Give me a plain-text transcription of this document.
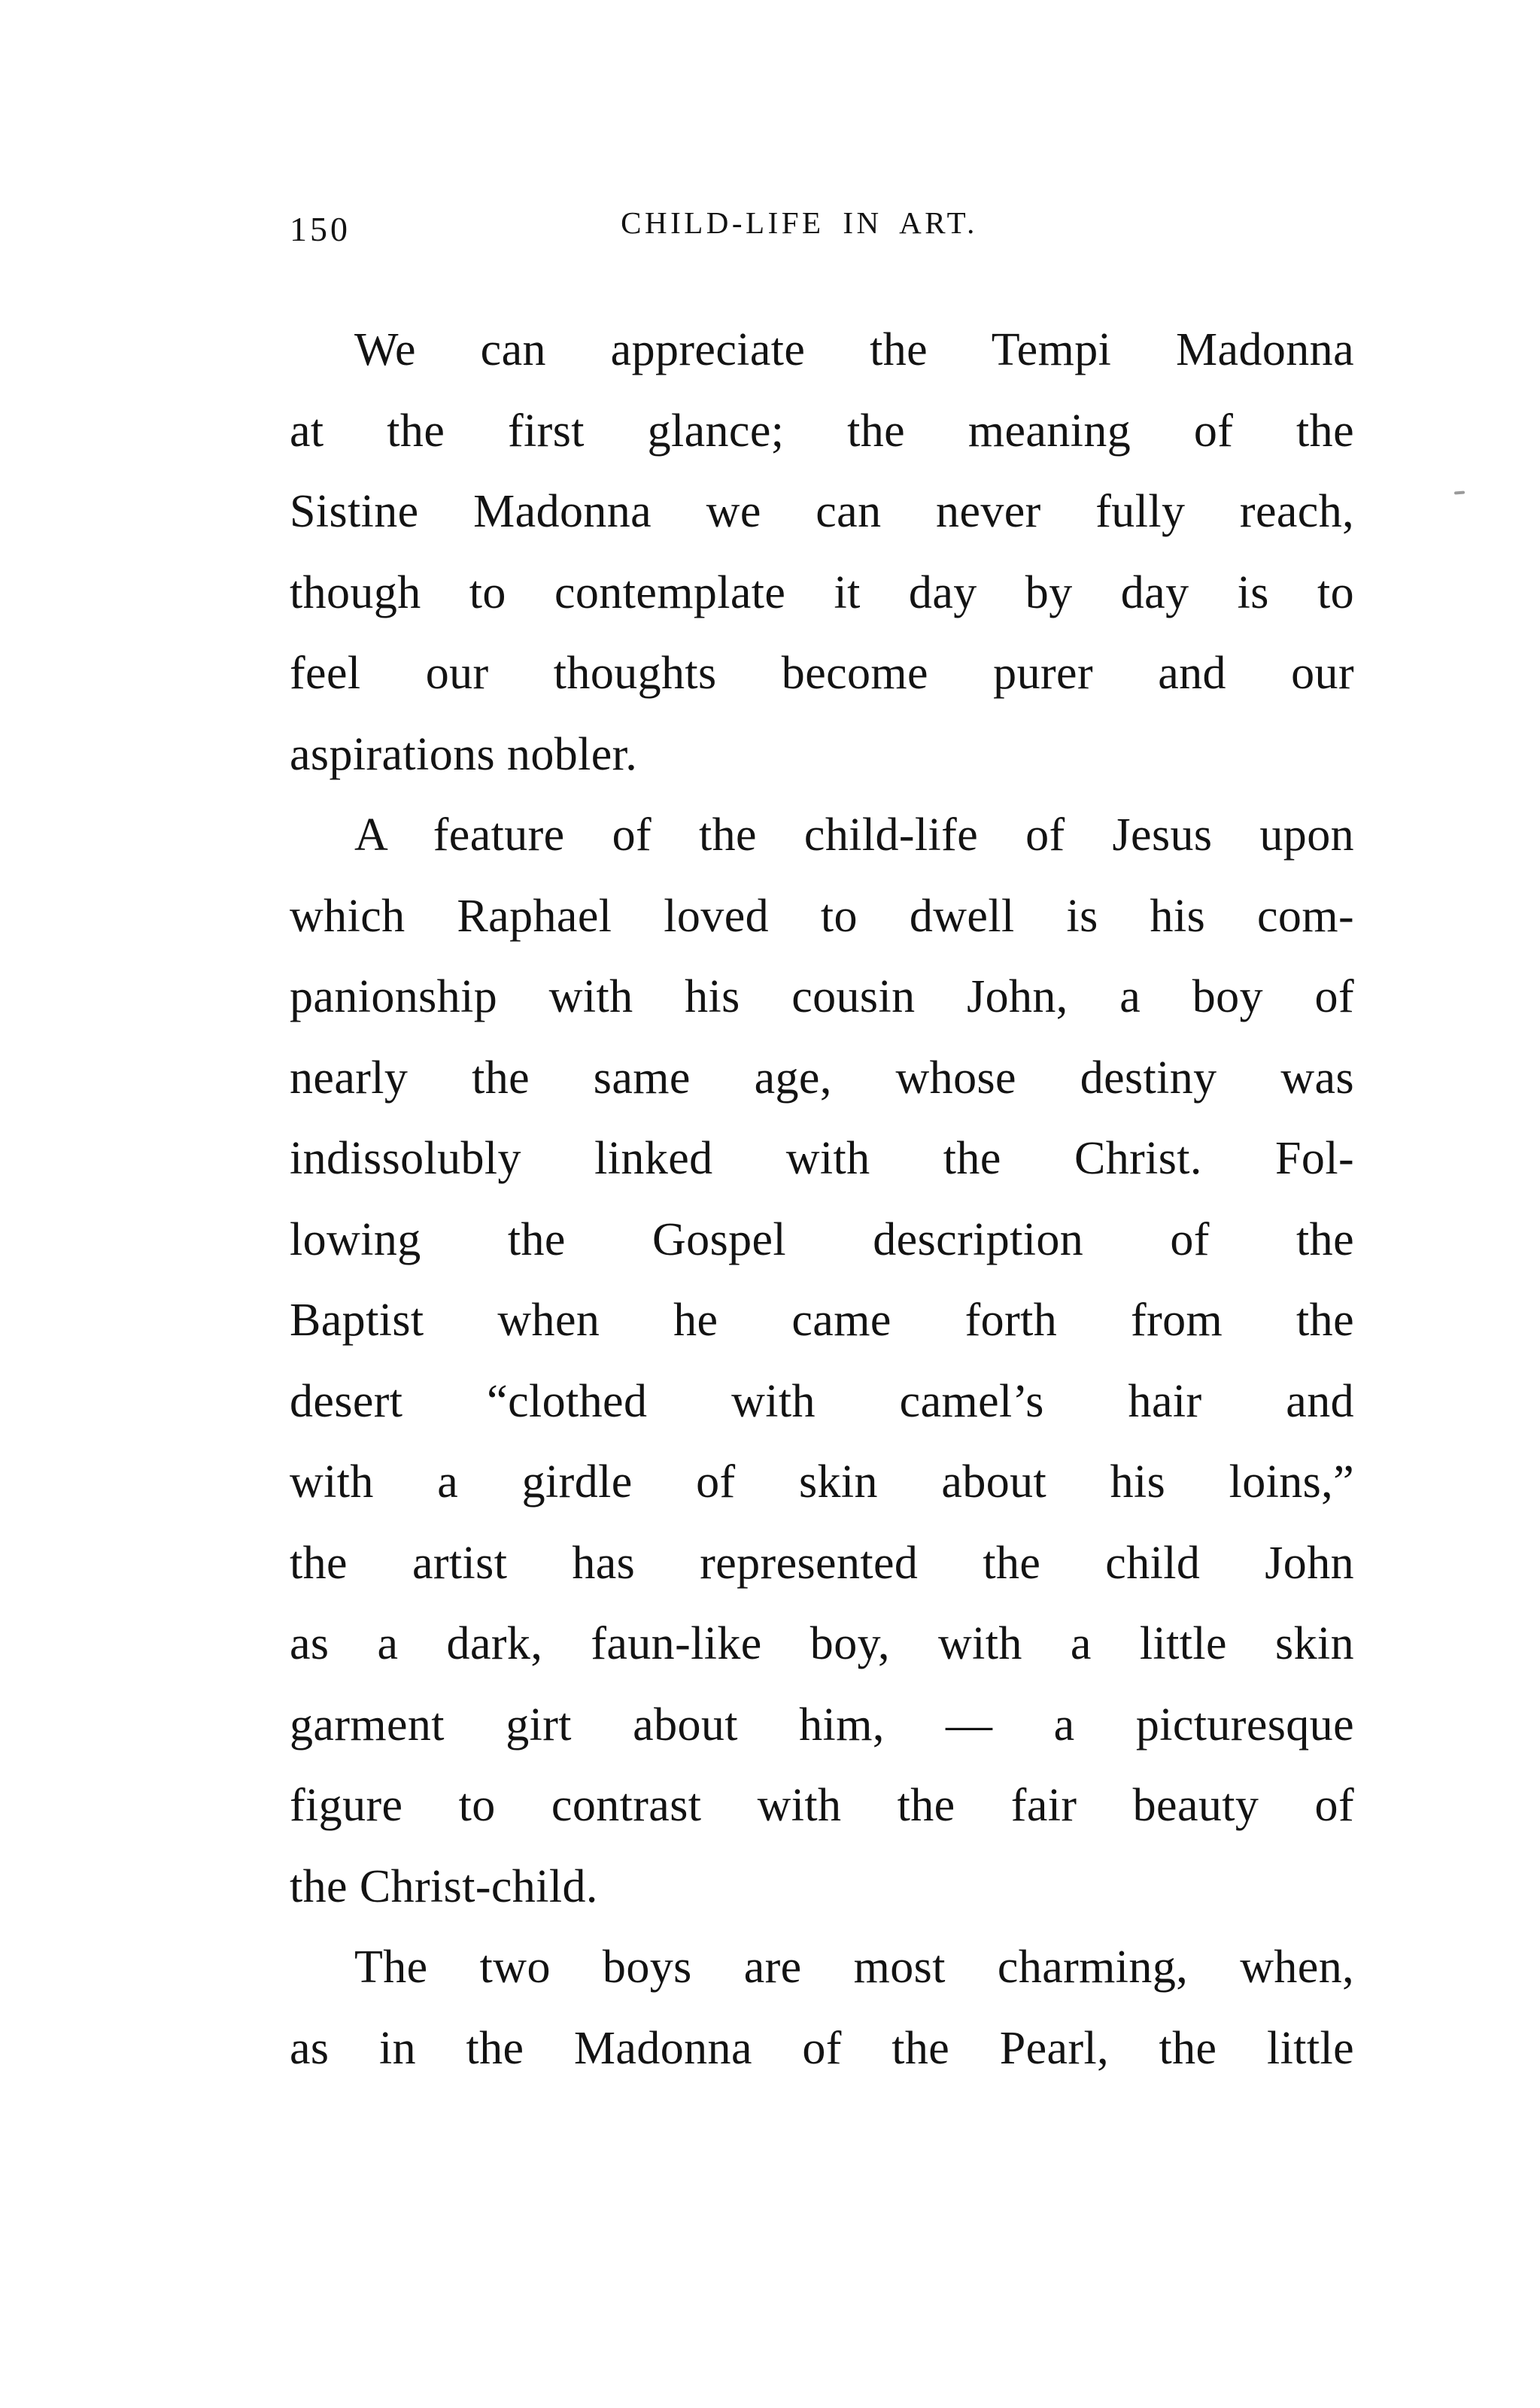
150	CHILD-LIFE IN ART.
We can appreciate the Tempi Madonna
at the first glance; the meaning of the
Sistine Madonna we can never fully reach,
though to contemplate it day by day is to
feel our thoughts become purer and our
aspirations nobler.
A feature of the child-life of Jesus upon
which Raphael loved to dwell is his com-
panionship with his cousin John, a boy of
nearly the same age, whose destiny was
indissolubly linked with the Christ. Fol-
lowing the Gospel description of the
Baptist when he came forth from the
desert “clothed with camel’s hair and
with a girdle of skin about his loins,”
the artist has represented the child John
as a dark, faun-like boy, with a little skin
garment girt about him, — a picturesque
figure to contrast with the fair beauty of
the Christ-child.
The two boys are most charming, when,
as in the Madonna of the Pearl, the little
